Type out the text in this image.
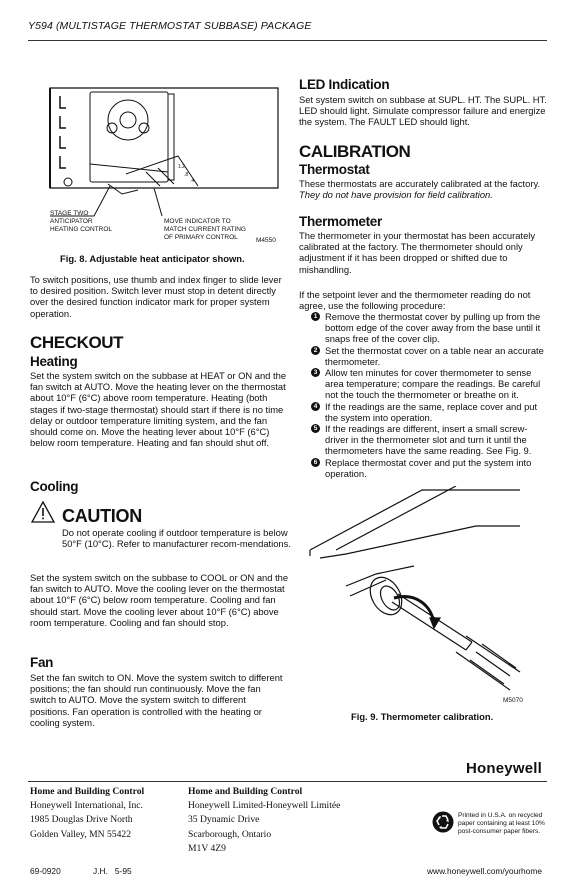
Y594 (MULTISTAGE THERMOSTAT SUBBASE) PACKAGE
1.2
.8
.4
STAGE TWO
ANTICIPATOR
HEATING CONTROL
MOVE INDICATOR TO
MATCH CURRENT RATING
OF PRIMARY CONTROL	M4550
Fig. 8. Adjustable heat anticipator shown.
To switch positions, use thumb and index finger to slide lever to desired position. Switch lever must stop in detent directly over the desired function indicator mark for proper system operation.
CHECKOUT
Heating
Set the system switch on the subbase at HEAT or ON and the fan switch at AUTO. Move the heating lever on the thermostat about 10°F (6°C) above room temperature. Heating (both stages if two-stage thermostat) should start if there is no time delay or outdoor temperature limiting system, and the fan should come on. Move the heating lever about 10°F (6°C) below room temperature. Heating and fan should shut off.
Cooling
CAUTION
Do not operate cooling if outdoor temperature is below 50°F (10°C). Refer to manufacturer recom-mendations.
Set the system switch on the subbase to COOL or ON and the fan switch to AUTO. Move the cooling lever on the thermostat about 10°F (6°C) below room temperature. Cooling and fan should start. Move the cooling lever about 10°F (6°C) above room temperature. Cooling and fan should stop.
Fan
Set the fan switch to ON. Move the system switch to different positions; the fan should run continuously. Move the fan switch to AUTO. Move the system switch to different positions. Fan operation is controlled with the heating or cooling system.
LED Indication
Set system switch on subbase at SUPL. HT. The SUPL. HT. LED should light. Simulate compressor failure and energize the system. The FAULT LED should light.
CALIBRATION
Thermostat
These thermostats are accurately calibrated at the factory.
They do not have provision for field calibration.
Thermometer
The thermometer in your thermostat has been accurately calibrated at the factory. The thermometer should only adjustment if it has been dropped or shifted due to mishandling.
If the setpoint lever and the thermometer reading do not agree, use the following procedure:
1 Remove the thermostat cover by pulling up from the bottom edge of the cover away from the base until it snaps free of the cover clip.
2 Set the thermostat cover on a table near an accurate thermometer.
3 Allow ten minutes for cover thermometer to sense area temperature; compare the readings. Be careful not the touch the thermometer or breathe on it.
4 If the readings are the same, replace cover and put the system into operation.
5 If the readings are different, insert a small screw-driver in the thermometer slot and turn it until the thermometers have the same reading. See Fig. 9.
6 Replace thermostat cover and put the system into operation.
M5070
Fig. 9. Thermometer calibration.
Honeywell
Home and Building Control
Honeywell International, Inc.
1985 Douglas Drive North
Golden Valley, MN 55422
Home and Building Control
Honeywell Limited-Honeywell Limitée
35 Dynamic Drive
Scarborough, Ontario
M1V 4Z9
Printed in U.S.A. on recycled
paper containing at least 10%
post-consumer paper fibers.
69-0920	J.H.   5-95	www.honeywell.com/yourhome
